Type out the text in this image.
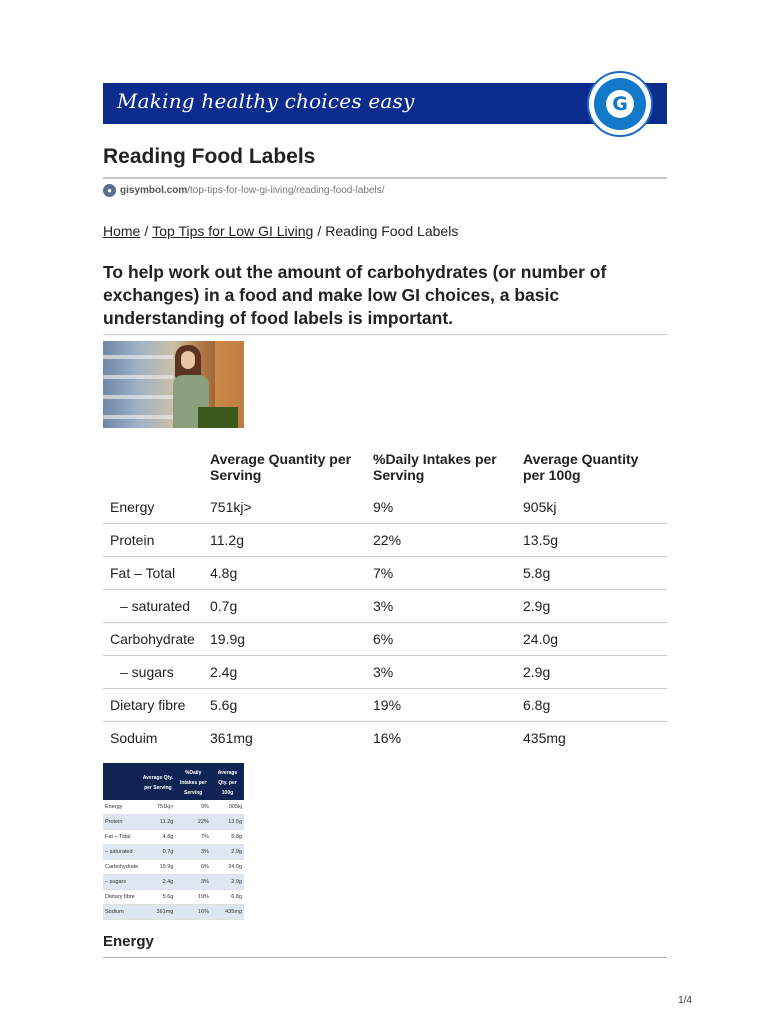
Making healthy choices easy	G
Reading Food Labels
● gisymbol.com /top-tips-for-low-gi-living/reading-food-labels/
Home / Top Tips for Low GI Living / Reading Food Labels

To help work out the amount of carbohydrates (or number of exchanges) in a food and make low GI choices, a basic understanding of food labels is important.

	Average Quantity per Serving	%Daily Intakes per Serving	Average Quantity per 100g
Energy	751kj>	9%	905kj
Protein	11.2g	22%	13.5g
Fat – Total	4.8g	7%	5.8g
– saturated	0.7g	3%	2.9g
Carbohydrate	19.9g	6%	24.0g
– sugars	2.4g	3%	2.9g
Dietary fibre	5.6g	19%	6.8g
Soduim	361mg	16%	435mg
	Average Qty. per Serving	%Daily Intakes per Serving	Average Qty. per 100g
Energy	751kj>	9%	905kj
Protein	11.2g	22%	13.5g
Fat – Total	4.8g	7%	5.8g
– saturated	0.7g	3%	2.9g
Carbohydrate	19.9g	6%	24.0g
– sugars	2.4g	3%	2.9g
Dietary fibre	5.6g	19%	6.8g
Sodium	361mg	16%	435mg
Energy
1/4
